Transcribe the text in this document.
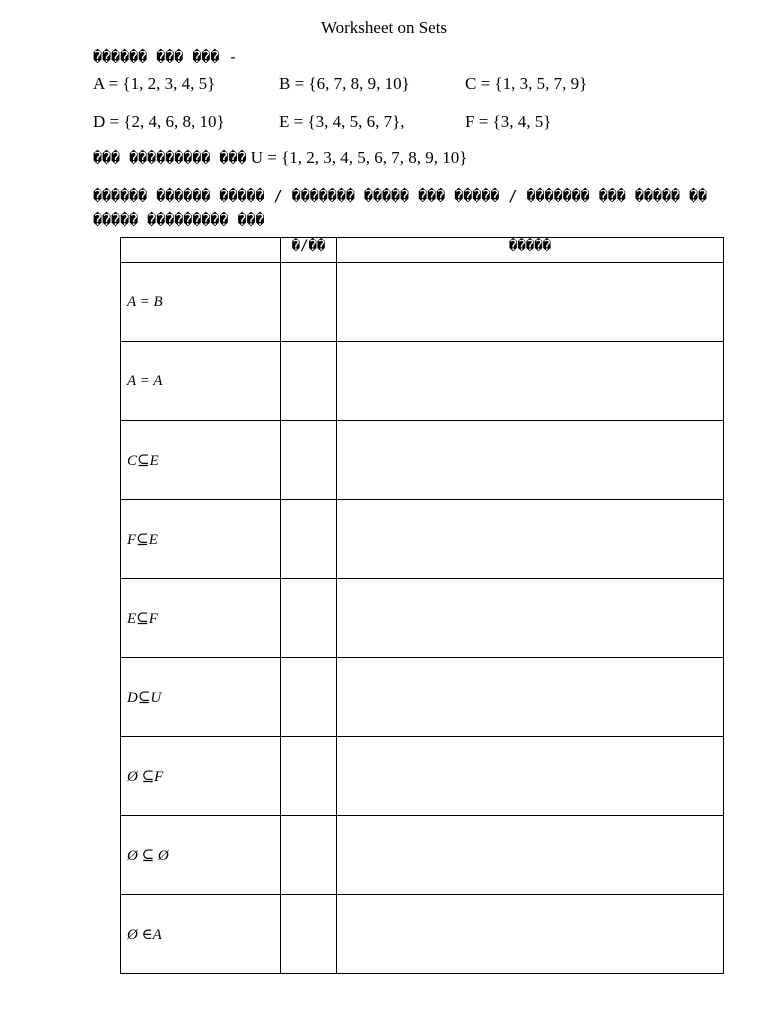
Worksheet on Sets
������ ��� ��� -
A = {1, 2, 3, 4, 5}	B = {6, 7, 8, 9, 10}	C = {1, 3, 5, 7, 9}
D = {2, 4, 6, 8, 10}	E = {3, 4, 5, 6, 7},	F = {3, 4, 5}
��� ��������� ��� U = {1, 2, 3, 4, 5, 6, 7, 8, 9, 10}
������ ������ ����� / ������� ����� ��� ����� / ������� ��� ����� �� ����� ��������� ���
	�/��	�����
A = B		
A = A		
C⊆E		
F⊆E		
E⊆F		
D⊆U		
Ø ⊆F		
Ø ⊆ Ø		
Ø ∈A		
